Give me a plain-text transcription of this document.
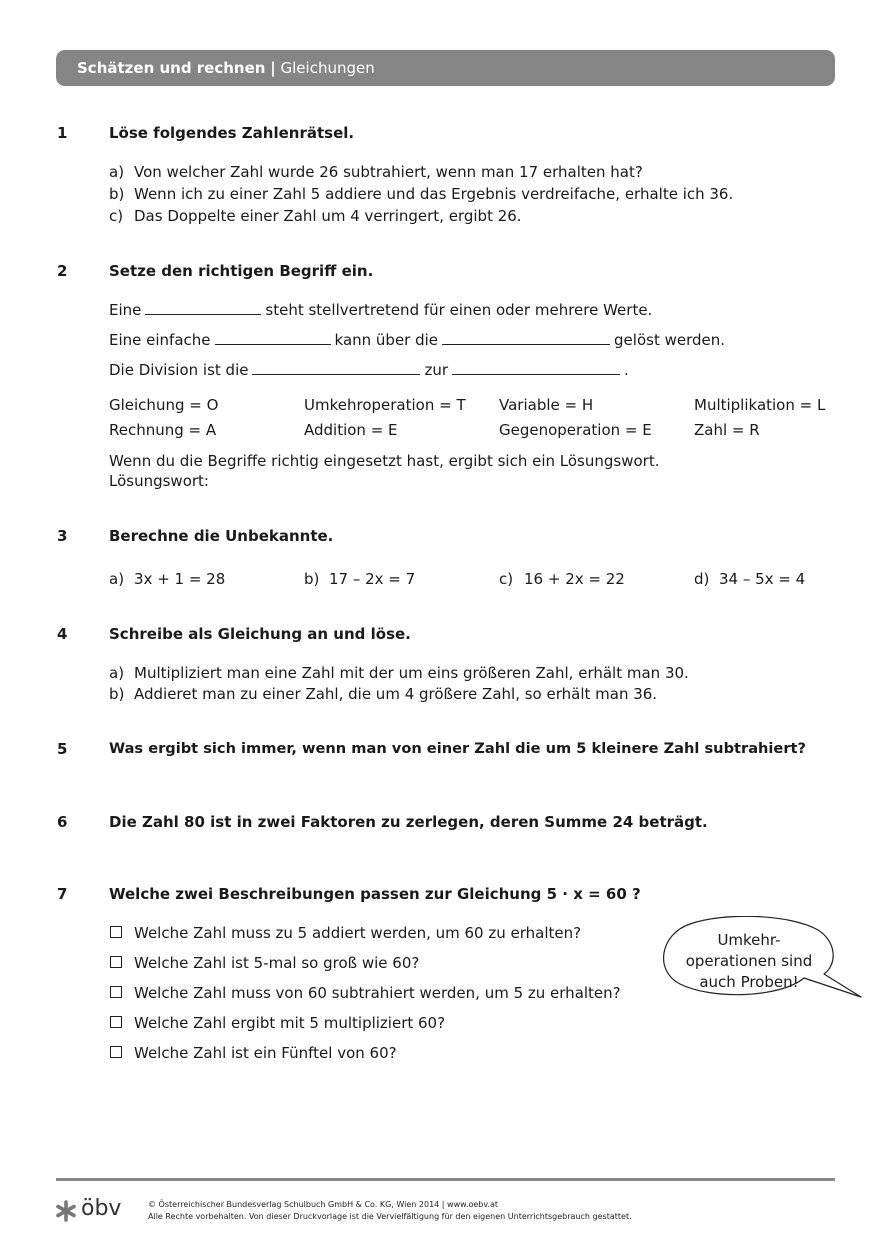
Schätzen und rechnen | Gleichungen
1	Löse folgendes Zahlenrätsel.
a) Von welcher Zahl wurde 26 subtrahiert, wenn man 17 erhalten hat?
b) Wenn ich zu einer Zahl 5 addiere und das Ergebnis verdreifache, erhalte ich 36.
c) Das Doppelte einer Zahl um 4 verringert, ergibt 26.
2	Setze den richtigen Begriff ein.
Eine	steht stellvertretend für einen oder mehrere Werte.
Eine einfache	kann über die	gelöst werden.
Die Division ist die	zur	.
Gleichung = O	Umkehroperation = T Variable = H	Multiplikation = L
Rechnung = A	Addition = E	Gegenoperation = E	Zahl = R
Wenn du die Begriffe richtig eingesetzt hast, ergibt sich ein Lösungswort.
Lösungswort:
3	Berechne die Unbekannte.
a) 3x + 1 = 28	b) 17 – 2x = 7	c) 16 + 2x = 22	d) 34 – 5x = 4
4	Schreibe als Gleichung an und löse.
a) Multipliziert man eine Zahl mit der um eins größeren Zahl, erhält man 30.
b) Addieret man zu einer Zahl, die um 4 größere Zahl, so erhält man 36.
5	Was ergibt sich immer, wenn man von einer Zahl die um 5 kleinere Zahl subtrahiert?
6	Die Zahl 80 ist in zwei Faktoren zu zerlegen, deren Summe 24 beträgt.
7	Welche zwei Beschreibungen passen zur Gleichung 5 · x = 60 ?
Welche Zahl muss zu 5 addiert werden, um 60 zu erhalten?
Welche Zahl ist 5-mal so groß wie 60?
Welche Zahl muss von 60 subtrahiert werden, um 5 zu erhalten?
Welche Zahl ergibt mit 5 multipliziert 60?
Welche Zahl ist ein Fünftel von 60?
Umkehr-
operationen sind
auch Proben!
öbv	© Österreichischer Bundesverlag Schulbuch GmbH & Co. KG, Wien 2014 | www.oebv.at
Alle Rechte vorbehalten. Von dieser Druckvorlage ist die Vervielfältigung für den eigenen Unterrichtsgebrauch gestattet.
